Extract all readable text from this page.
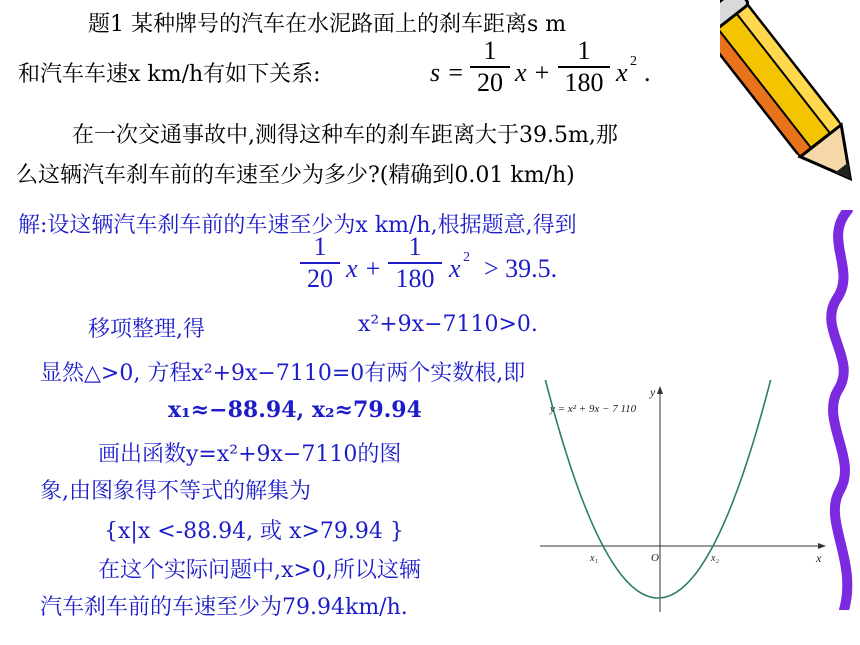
题1 某种牌号的汽车在水泥路面上的刹车距离s m
和汽车车速x km/h有如下关系:	s =
1
20 x +
1
180 x 2 .
在一次交通事故中,测得这种车的刹车距离大于39.5m,那
么这辆汽车刹车前的车速至少为多少?(精确到0.01 km/h)
解:设这辆汽车刹车前的车速至少为x km/h,根据题意,得到
1
20 x +
1
180 x 2 > 39.5.
移项整理,得	x²+9x−7110>0.
显然△>0, 方程x²+9x−7110=0有两个实数根,即
x₁≈−88.94, x₂≈79.94
画出函数y=x²+9x−7110的图
象,由图象得不等式的解集为
{x|x <-88.94, 或 x>79.94 }
在这个实际问题中,x>0,所以这辆
汽车刹车前的车速至少为79.94km/h.
y = x² + 9x − 7 110
y
x
O
x₁	x₂
